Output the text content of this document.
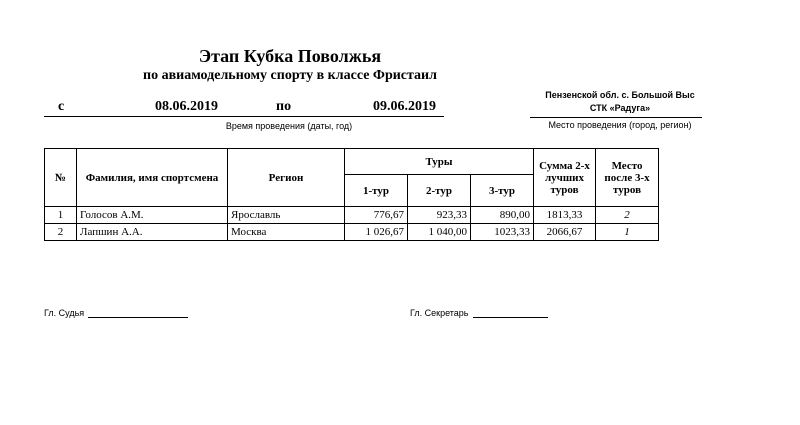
Этап Кубка Поволжья
по авиамодельному спорту в классе Фристаил
с	08.06.2019	по	09.06.2019
Время проведения (даты, год)
Пензенской обл. с. Большой Выс
СТК «Радуга»
Место проведения (город, регион)
№	Фамилия, имя спортсмена	Регион	Туры			Сумма 2-х лучших туров	Место после 3-х туров
			1-тур	2-тур	3-тур		
1	Голосов А.М.	Ярославль	776,67	923,33	890,00	1813,33	2
2	Лапшин А.А.	Москва	1 026,67	1 040,00	1023,33	2066,67	1
Гл. Судья	Гл. Секретарь
